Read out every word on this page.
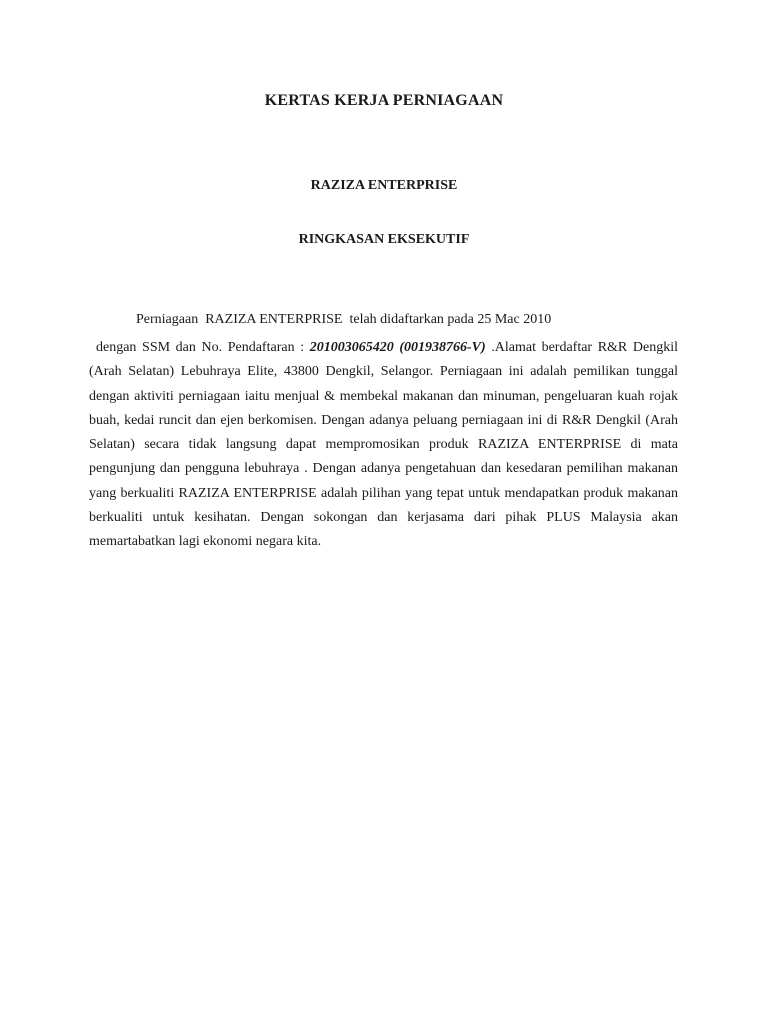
KERTAS KERJA PERNIAGAAN
RAZIZA ENTERPRISE
RINGKASAN EKSEKUTIF
Perniagaan  RAZIZA ENTERPRISE  telah didaftarkan pada 25 Mac 2010
dengan SSM dan No. Pendaftaran : 201003065420 (001938766-V) .Alamat berdaftar R&R Dengkil (Arah Selatan) Lebuhraya Elite, 43800 Dengkil, Selangor. Perniagaan ini adalah pemilikan tunggal dengan aktiviti perniagaan iaitu menjual & membekal makanan dan minuman, pengeluaran kuah rojak buah, kedai runcit dan ejen berkomisen. Dengan adanya peluang perniagaan ini di R&R Dengkil (Arah Selatan) secara tidak langsung dapat mempromosikan produk RAZIZA ENTERPRISE di mata pengunjung dan pengguna lebuhraya . Dengan adanya pengetahuan dan kesedaran pemilihan makanan yang berkualiti RAZIZA ENTERPRISE adalah pilihan yang tepat untuk mendapatkan produk makanan berkualiti untuk kesihatan. Dengan sokongan dan kerjasama dari pihak PLUS Malaysia akan memartabatkan lagi ekonomi negara kita.
